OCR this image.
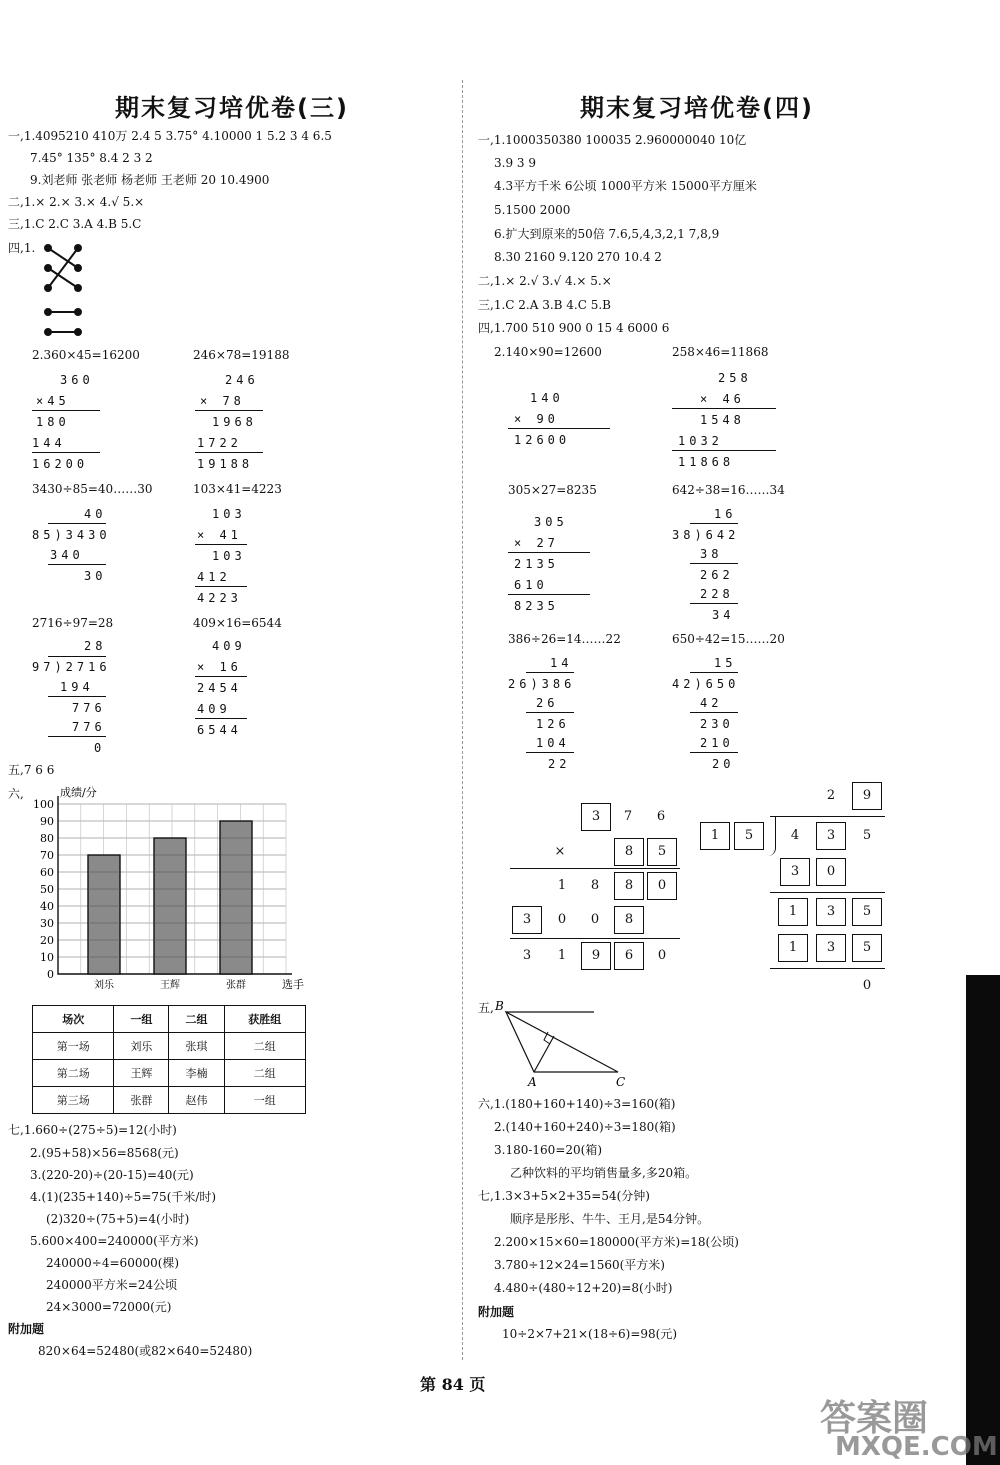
期末复习培优卷(三)
一,1.4095210 410万 2.4 5 3.75° 4.10000 1 5.2 3 4 6.5
7.45° 135° 8.4 2 3 2
9.刘老师 张老师 杨老师 王老师 20 10.4900
二,1.× 2.× 3.× 4.√ 5.×
三,1.C 2.C 3.A 4.B 5.C
四,1.
2.360×45=16200
360
×45
180
144
16200
246×78=19188
246
× 78
1968
1722
19188
3430÷85=40……30
40
85)3430
340
30
103×41=4223
103
× 41
103
412
4223
2716÷97=28
28
97)2716
194
776
776
0
409×16=6544
409
× 16
2454
409
6544
五,7 6 6
六,
0
10
20
30
40
50
60
70
80
90
100
刘乐	王辉	张群
成绩/分
选手
场次	一组	二组	获胜组
第一场	刘乐	张琪	二组
第二场	王辉	李楠	二组
第三场	张群	赵伟	一组
七,1.660÷(275÷5)=12(小时)
2.(95+58)×56=8568(元)
3.(220-20)÷(20-15)=40(元)
4.(1)(235+140)÷5=75(千米/时)
(2)320÷(75+5)=4(小时)
5.600×400=240000(平方米)
240000÷4=60000(棵)
240000平方米=24公顷
24×3000=72000(元)
附加题
820×64=52480(或82×640=52480)
期末复习培优卷(四)
一,1.1000350380 100035 2.960000040 10亿
3.9 3 9
4.3平方千米 6公顷 1000平方米 15000平方厘米
5.1500 2000
6.扩大到原来的50倍 7.6,5,4,3,2,1 7,8,9
8.30 2160 9.120 270 10.4 2
二,1.× 2.√ 3.√ 4.× 5.×
三,1.C 2.A 3.B 4.C 5.B
四,1.700 510 900 0 15 4 6000 6
2.140×90=12600
140
× 90
12600
258×46=11868
258
× 46
1548
1032
11868
305×27=8235
305
× 27
2135
610
8235
642÷38=16……34
16
38)642
38
262
228
34
386÷26=14……22
14
26)386
26
126
104
22
650÷42=15……20
15
42)650
42
230
210
20
3	7	6
×	8	5
1	8	8	0
3	0	0	8
3	1	9	6	0
2	9
1	5	4	3	5
3	0
1	3	5
1	3	5
0
五, B
A	C
六,1.(180+160+140)÷3=160(箱)
2.(140+160+240)÷3=180(箱)
3.180-160=20(箱)
乙种饮料的平均销售量多,多20箱。
七,1.3×3+5×2+35=54(分钟)
顺序是彤彤、牛牛、王月,是54分钟。
2.200×15×60=180000(平方米)=18(公顷)
3.780÷12×24=1560(平方米)
4.480÷(480÷12+20)=8(小时)
附加题
10÷2×7+21×(18÷6)=98(元)
第 84 页
答案圈
MXQE.COM
